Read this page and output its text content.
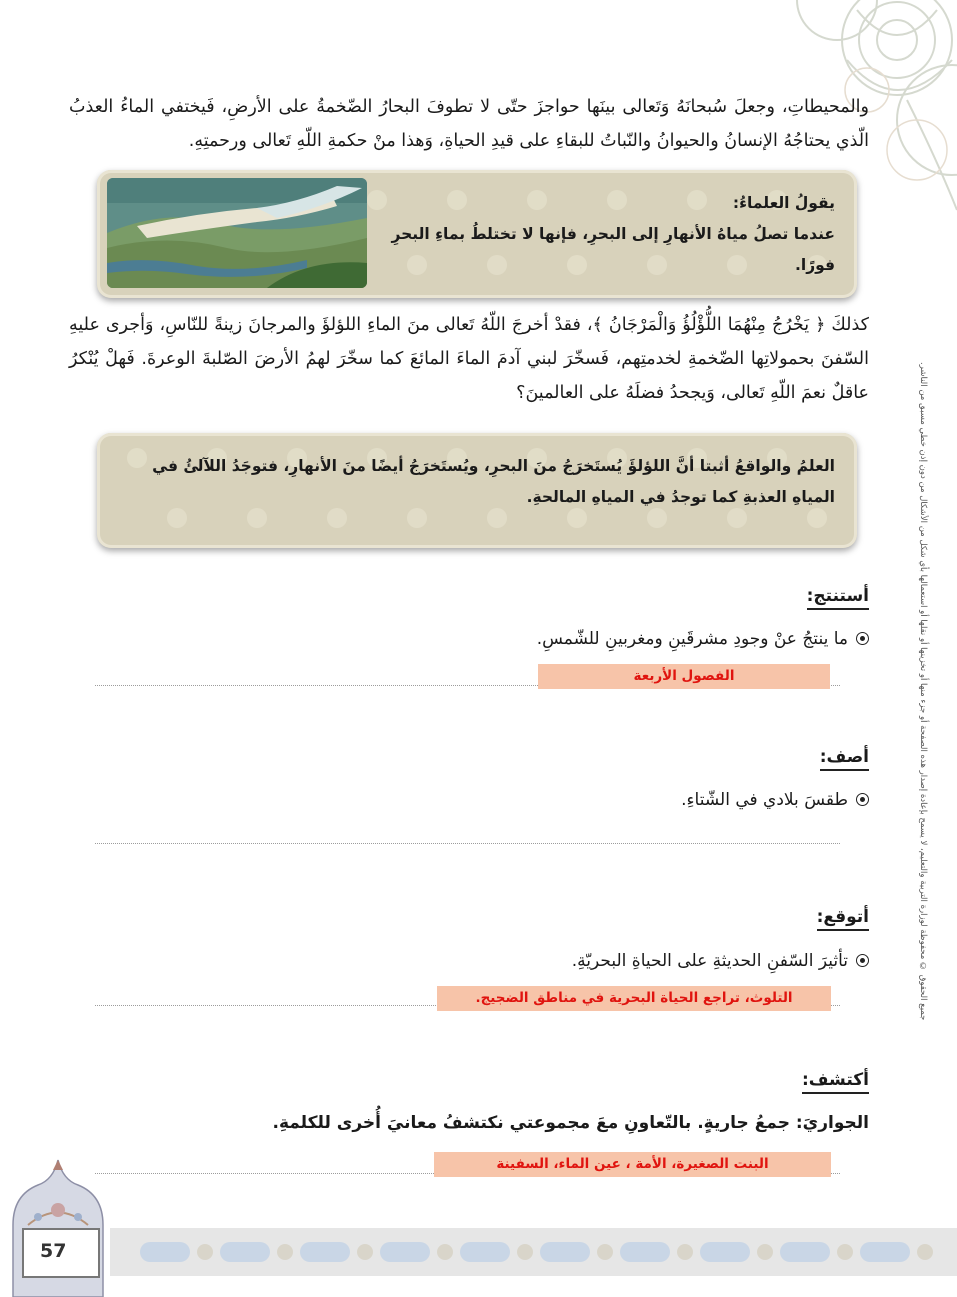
جميع الحقوق © محفوظة لوزارة التربية والتعليم، لا يسمح بإعادة إصدار هذه الصفحة أو جزء منها أو تخزينها أو نقلها أو استعمالها بأي شكل من الأشكال من دون إذن خطي مسبق من الناشر.

والمحيطاتِ، وجعلَ سُبحانَهُ وَتَعالى بينَها حواجزَ حتّى لا تطوفَ البحارُ الضّخمةُ على الأرضِ، فَيختفي الماءُ العذبُ الّذي يحتاجُهُ الإنسانُ والحيوانُ والنّباتُ للبقاءِ على قيدِ الحياةِ، وَهذا منْ حكمةِ اللّهِ تَعالى ورحمتِهِ.

يقولُ العلماءُ:
عندما تصلُ مياهُ الأنهارِ إلى البحرِ، فإنها لا تختلطُ بماءِ البحرِ فورًا.

كذلكَ ﴿ يَخْرُجُ مِنْهُمَا اللُّؤْلُؤُ وَالْمَرْجَانُ ﴾، فقدْ أخرجَ اللّهُ تَعالى منَ الماءِ اللؤلؤَ والمرجانَ زينةً للنّاسِ، وَأجرى عليهِ السّفنَ بحمولاتِها الضّخمةِ لخدمتِهم، فَسخّرَ لبني آدمَ الماءَ المائعَ كما سخّرَ لهمُ الأرضَ الصّلبةَ الوعرةَ. فَهلْ يُنْكرُ عاقلٌ نعمَ اللّهِ تَعالى، وَيجحدُ فضلَهُ على العالمينَ؟

العلمُ والواقعُ أثبتا أنَّ اللؤلؤَ يُستَخرَجُ منَ البحرِ، ويُستَخرَجُ أيضًا منَ الأنهارِ، فتوجَدُ اللآلئُ في المياهِ العذبةِ كما توجدُ في المياهِ المالحةِ.
أستنتج:
ما ينتجُ عنْ وجودِ مشرقَينِ ومغربينِ للشّمسِ.
الفصول الأربعة
أصف:
طقسَ بلادي في الشّتاءِ.
أتوقع:
تأثيرَ السّفنِ الحديثةِ على الحياةِ البحريّةِ.
التلوث، تراجع الحياة البحرية في مناطق الضجيج.
أكتشف:
الجواريَ: جمعُ جاريةٍ. بالتّعاونِ معَ مجموعتي نكتشفُ معانيَ أُخرى للكلمةِ.
البنت الصغيرة، الأمة ، عين الماء، السفينة
57
